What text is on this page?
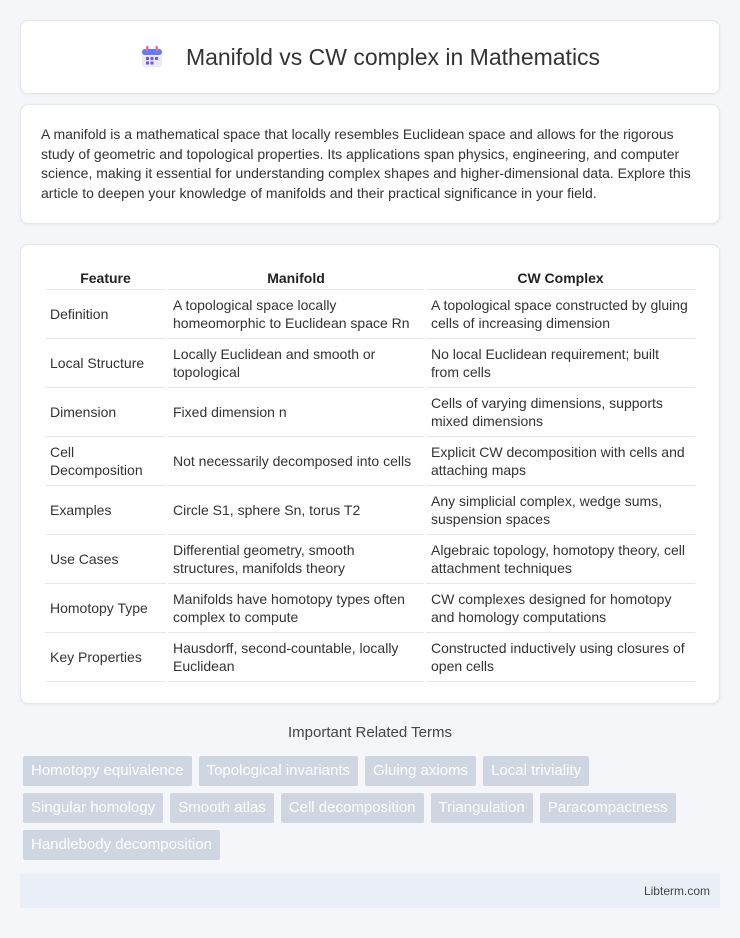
Manifold vs CW complex in Mathematics

A manifold is a mathematical space that locally resembles Euclidean space and allows for the rigorous study of geometric and topological properties. Its applications span physics, engineering, and computer science, making it essential for understanding complex shapes and higher-dimensional data. Explore this article to deepen your knowledge of manifolds and their practical significance in your field.

Feature	Manifold	CW Complex
Definition	A topological space locally homeomorphic to Euclidean space Rn	A topological space constructed by gluing cells of increasing dimension
Local Structure	Locally Euclidean and smooth or topological	No local Euclidean requirement; built from cells
Dimension	Fixed dimension n	Cells of varying dimensions, supports mixed dimensions
Cell Decomposition	Not necessarily decomposed into cells	Explicit CW decomposition with cells and attaching maps
Examples	Circle S1, sphere Sn, torus T2	Any simplicial complex, wedge sums, suspension spaces
Use Cases	Differential geometry, smooth structures, manifolds theory	Algebraic topology, homotopy theory, cell attachment techniques
Homotopy Type	Manifolds have homotopy types often complex to compute	CW complexes designed for homotopy and homology computations
Key Properties	Hausdorff, second-countable, locally Euclidean	Constructed inductively using closures of open cells
Important Related Terms
Homotopy equivalence	Topological invariants	Gluing axioms	Local triviality
Singular homology	Smooth atlas	Cell decomposition	Triangulation	Paracompactness
Handlebody decomposition
Libterm.com
